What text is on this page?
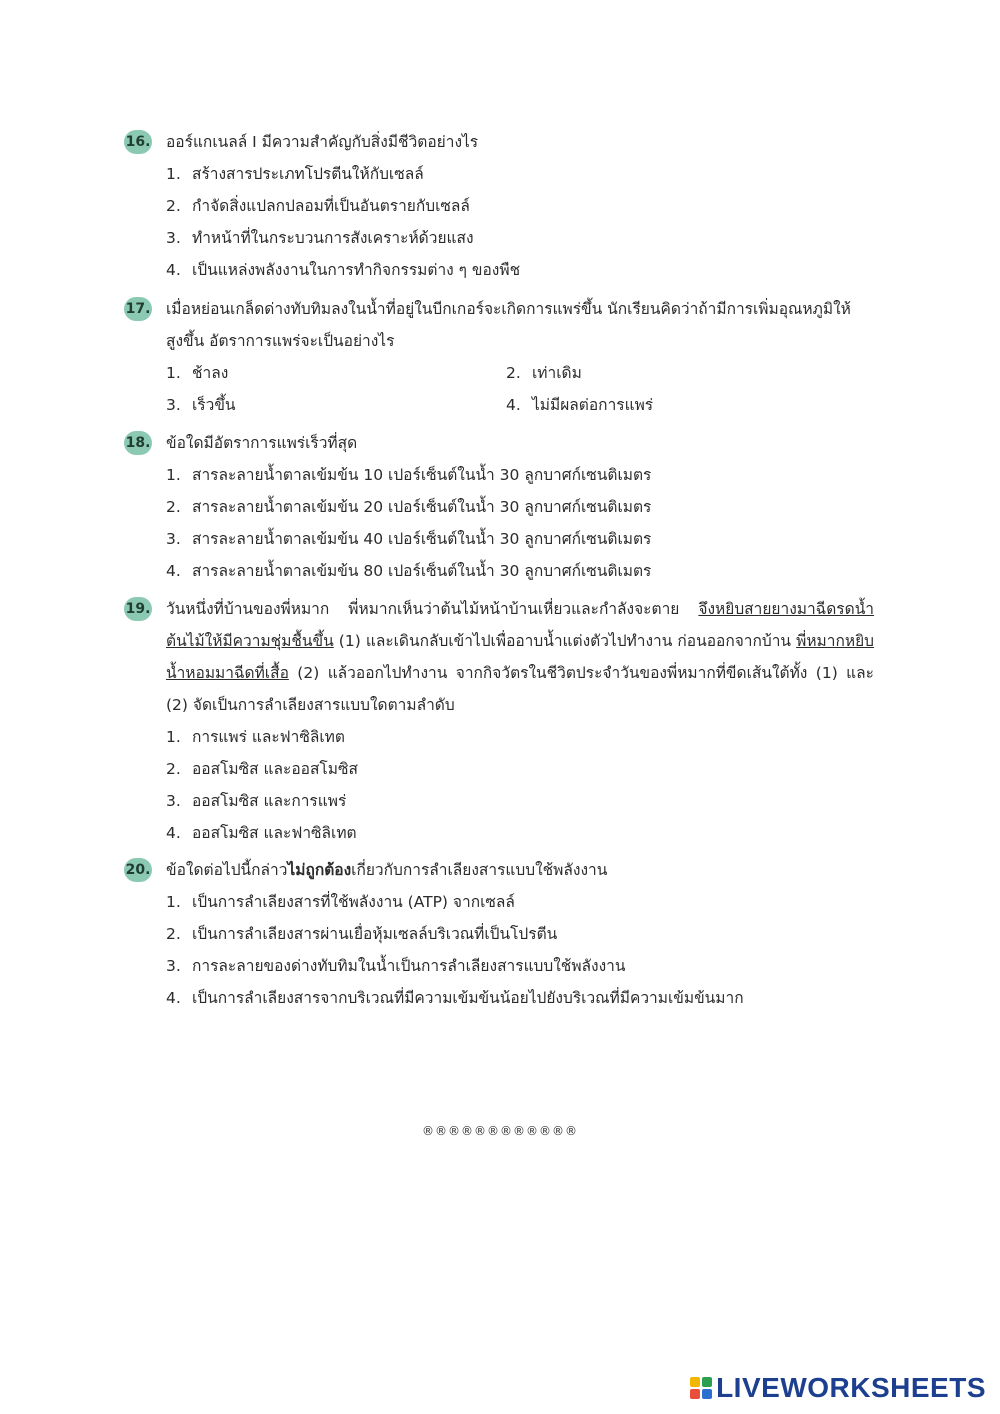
16. ออร์แกเนลล์ I มีความสำคัญกับสิ่งมีชีวิตอย่างไร
1. สร้างสารประเภทโปรตีนให้กับเซลล์
2. กำจัดสิ่งแปลกปลอมที่เป็นอันตรายกับเซลล์
3. ทำหน้าที่ในกระบวนการสังเคราะห์ด้วยแสง
4. เป็นแหล่งพลังงานในการทำกิจกรรมต่าง ๆ ของพืช
17. เมื่อหย่อนเกล็ดด่างทับทิมลงในน้ำที่อยู่ในบีกเกอร์จะเกิดการแพร่ขึ้น นักเรียนคิดว่าถ้ามีการเพิ่มอุณหภูมิให้
สูงขึ้น อัตราการแพร่จะเป็นอย่างไร
1. ช้าลง	2. เท่าเดิม
3. เร็วขึ้น	4. ไม่มีผลต่อการแพร่
18. ข้อใดมีอัตราการแพร่เร็วที่สุด
1. สารละลายน้ำตาลเข้มข้น 10 เปอร์เซ็นต์ในน้ำ 30 ลูกบาศก์เซนติเมตร
2. สารละลายน้ำตาลเข้มข้น 20 เปอร์เซ็นต์ในน้ำ 30 ลูกบาศก์เซนติเมตร
3. สารละลายน้ำตาลเข้มข้น 40 เปอร์เซ็นต์ในน้ำ 30 ลูกบาศก์เซนติเมตร
4. สารละลายน้ำตาลเข้มข้น 80 เปอร์เซ็นต์ในน้ำ 30 ลูกบาศก์เซนติเมตร
19. วันหนึ่งที่บ้านของพี่หมาก พี่หมากเห็นว่าต้นไม้หน้าบ้านเหี่ยวและกำลังจะตาย จึงหยิบสายยางมาฉีดรดน้ำต้นไม้ให้มีความชุ่มชื้นขึ้น (1) และเดินกลับเข้าไปเพื่ออาบน้ำแต่งตัวไปทำงาน ก่อนออกจากบ้าน พี่หมากหยิบน้ำหอมมาฉีดที่เสื้อ (2) แล้วออกไปทำงาน จากกิจวัตรในชีวิตประจำวันของพี่หมากที่ขีดเส้นใต้ทั้ง (1) และ (2) จัดเป็นการลำเลียงสารแบบใดตามลำดับ
1. การแพร่ และฟาซิลิเทต
2. ออสโมซิส และออสโมซิส
3. ออสโมซิส และการแพร่
4. ออสโมซิส และฟาซิลิเทต
20. ข้อใดต่อไปนี้กล่าวไม่ถูกต้องเกี่ยวกับการลำเลียงสารแบบใช้พลังงาน
1. เป็นการลำเลียงสารที่ใช้พลังงาน (ATP) จากเซลล์
2. เป็นการลำเลียงสารผ่านเยื่อหุ้มเซลล์บริเวณที่เป็นโปรตีน
3. การละลายของด่างทับทิมในน้ำเป็นการลำเลียงสารแบบใช้พลังงาน
4. เป็นการลำเลียงสารจากบริเวณที่มีความเข้มข้นน้อยไปยังบริเวณที่มีความเข้มข้นมาก
®®®®®®®®®®®®
LIVEWORKSHEETS
